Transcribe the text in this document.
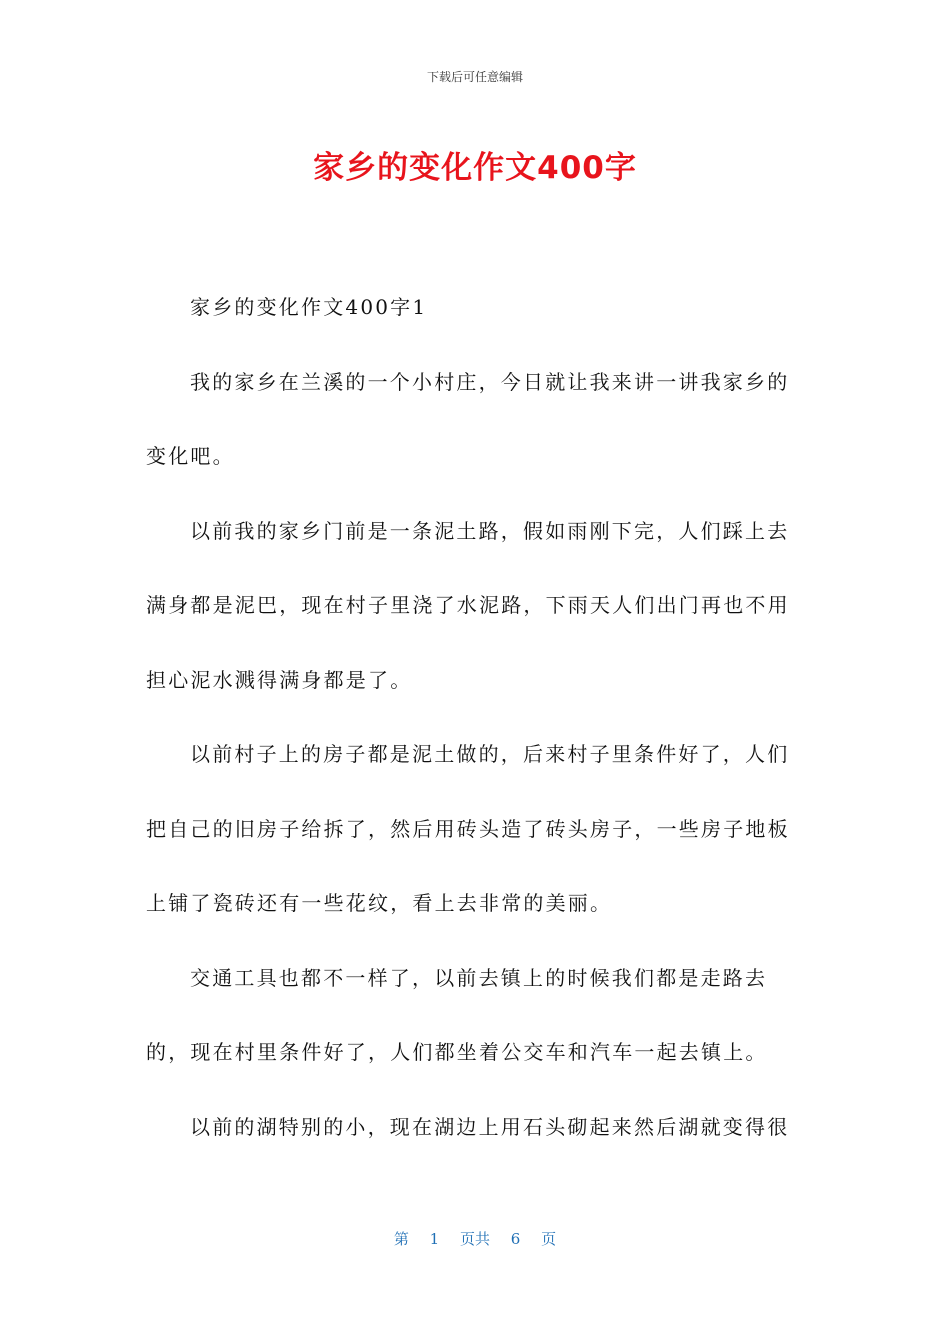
下载后可任意编辑
家乡的变化作文400字

家乡的变化作文400字1

我的家乡在兰溪的一个小村庄，今日就让我来讲一讲我家乡的变化吧。

以前我的家乡门前是一条泥土路，假如雨刚下完，人们踩上去满身都是泥巴，现在村子里浇了水泥路，下雨天人们出门再也不用担心泥水溅得满身都是了。

以前村子上的房子都是泥土做的，后来村子里条件好了，人们把自己的旧房子给拆了，然后用砖头造了砖头房子，一些房子地板上铺了瓷砖还有一些花纹，看上去非常的美丽。

交通工具也都不一样了，以前去镇上的时候我们都是走路去的，现在村里条件好了，人们都坐着公交车和汽车一起去镇上。

以前的湖特别的小，现在湖边上用石头砌起来然后湖就变得很

第 1 页共 6 页
